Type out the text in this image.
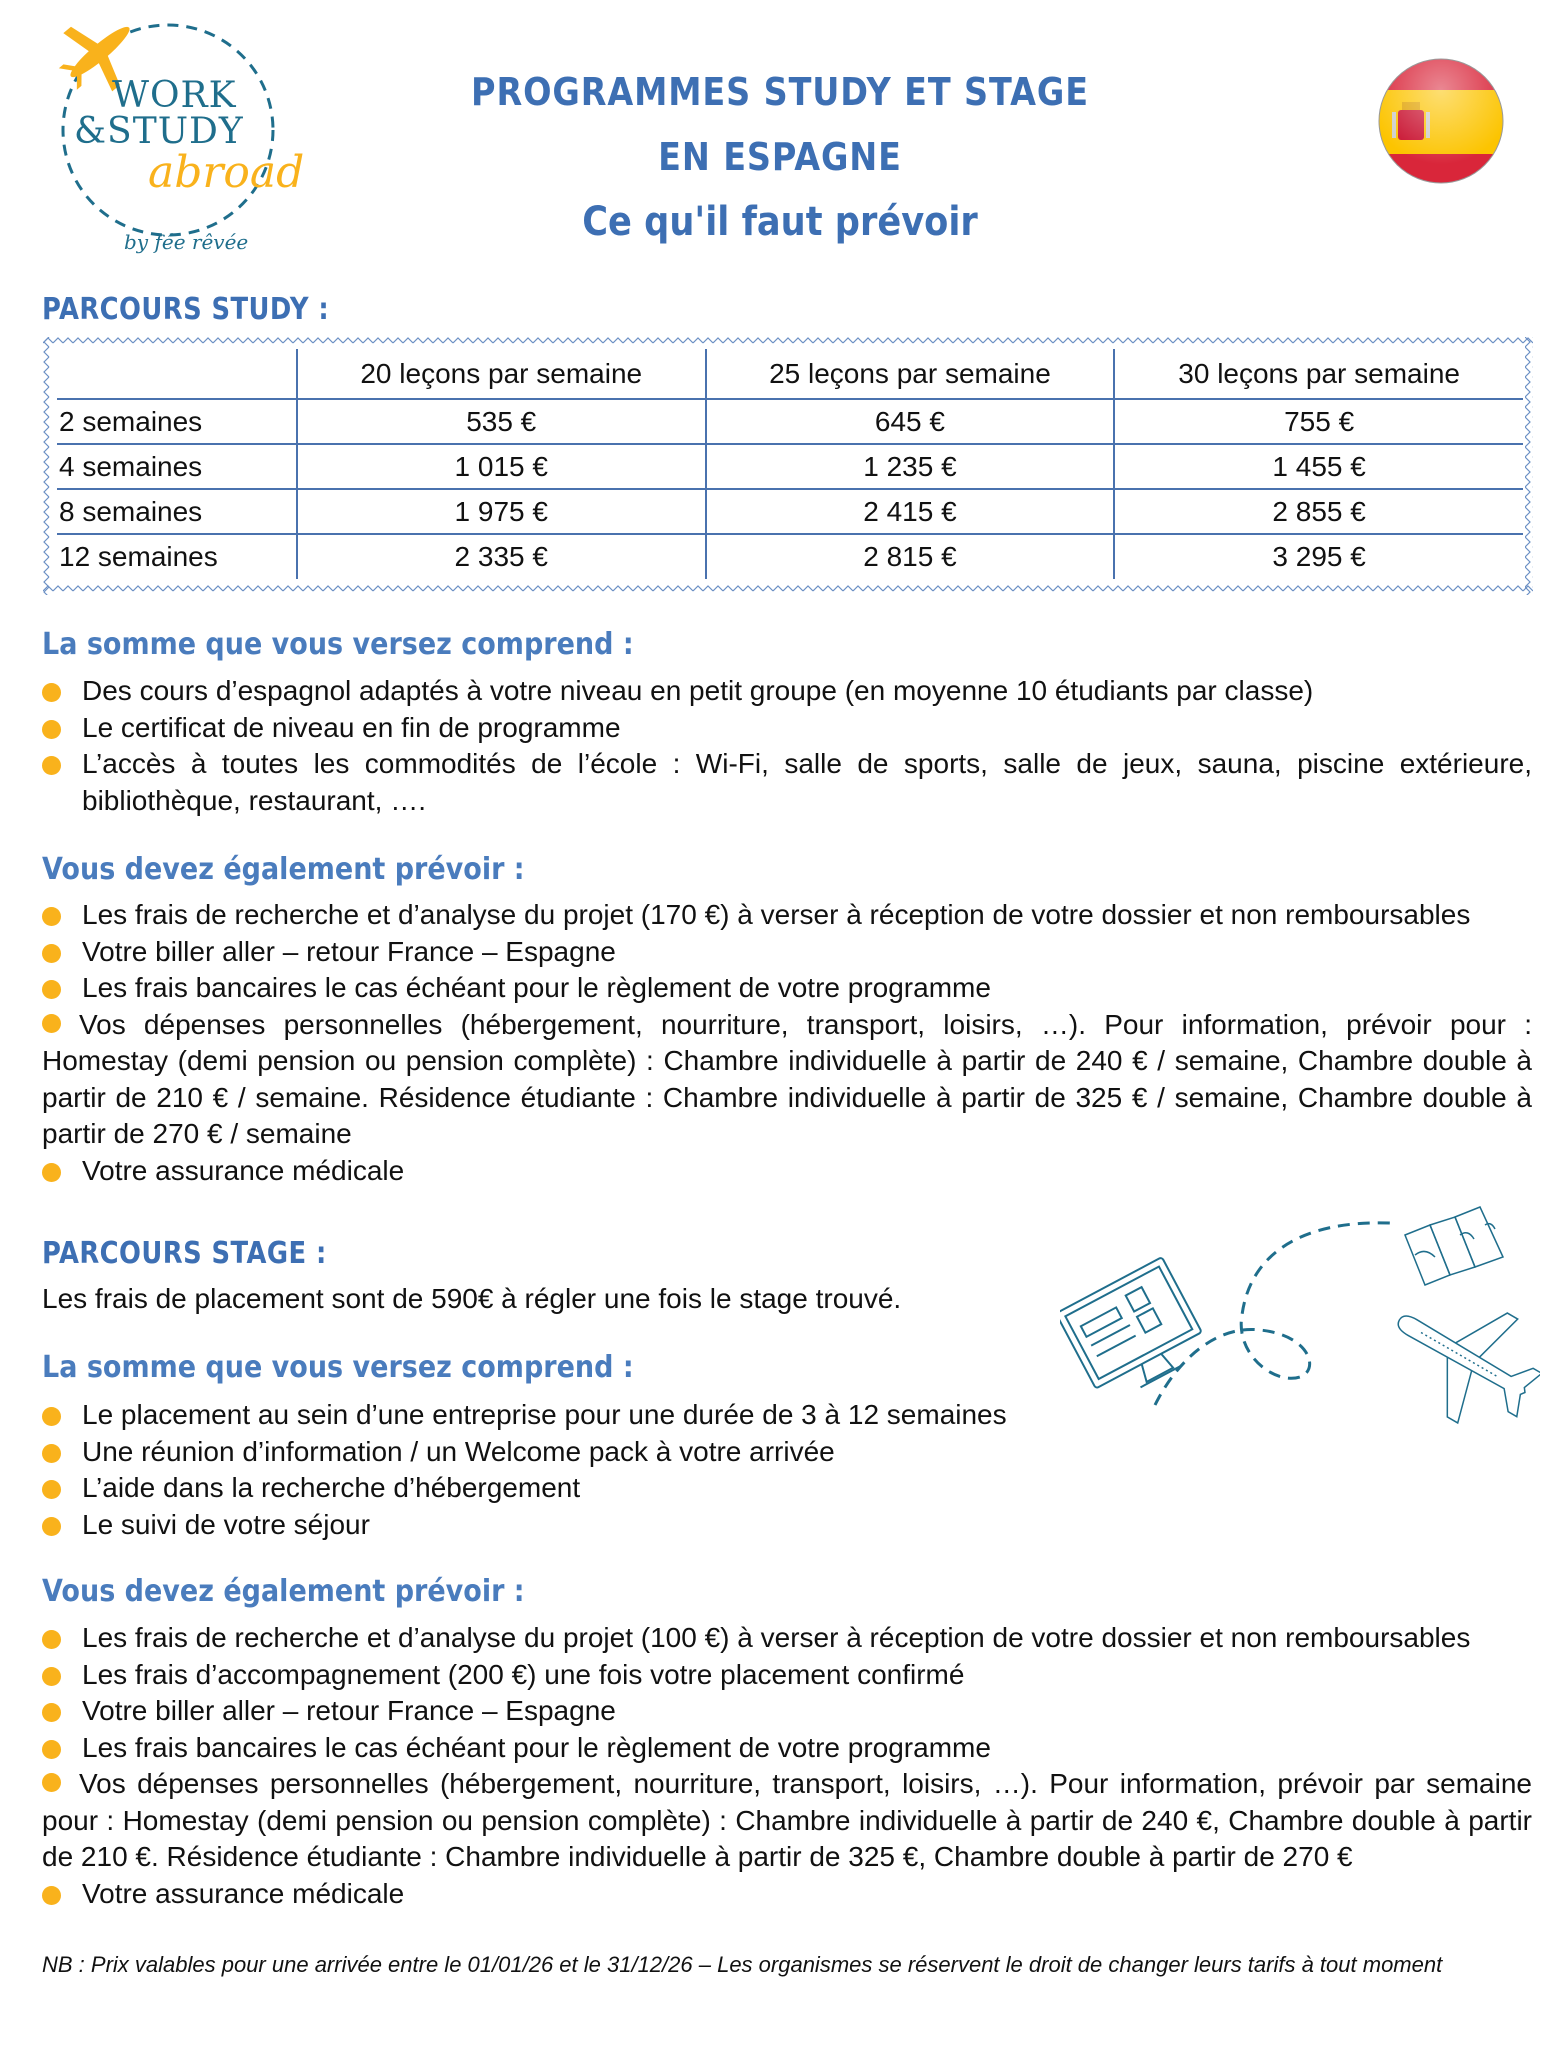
WORK
&STUDY
abroad
by fée rêvée
PROGRAMMES STUDY ET STAGE
EN ESPAGNE
Ce qu'il faut prévoir
PARCOURS STUDY :
	20 leçons par semaine	25 leçons par semaine	30 leçons par semaine
2 semaines	535 €	645 €	755 €
4 semaines	1 015 €	1 235 €	1 455 €
8 semaines	1 975 €	2 415 €	2 855 €
12 semaines	2 335 €	2 815 €	3 295 €
La somme que vous versez comprend :
Des cours d’espagnol adaptés à votre niveau en petit groupe (en moyenne 10 étudiants par classe)
Le certificat de niveau en fin de programme
L’accès à toutes les commodités de l’école : Wi-Fi, salle de sports, salle de jeux, sauna, piscine extérieure, bibliothèque, restaurant, ….
Vous devez également prévoir :
Les frais de recherche et d’analyse du projet (170 €) à verser à réception de votre dossier et non remboursables
Votre biller aller – retour France – Espagne
Les frais bancaires le cas échéant pour le règlement de votre programme
Vos dépenses personnelles (hébergement, nourriture, transport, loisirs, …). Pour information, prévoir pour : Homestay (demi pension ou pension complète) : Chambre individuelle à partir de 240 € / semaine, Chambre double à partir de 210 € / semaine. Résidence étudiante : Chambre individuelle à partir de 325 € / semaine, Chambre double à partir de 270 € / semaine
Votre assurance médicale
PARCOURS STAGE :
Les frais de placement sont de 590€ à régler une fois le stage trouvé.
La somme que vous versez comprend :
Le placement au sein d’une entreprise pour une durée de 3 à 12 semaines
Une réunion d’information / un Welcome pack à votre arrivée
L’aide dans la recherche d’hébergement
Le suivi de votre séjour
Vous devez également prévoir :
Les frais de recherche et d’analyse du projet (100 €) à verser à réception de votre dossier et non remboursables
Les frais d’accompagnement (200 €) une fois votre placement confirmé
Votre biller aller – retour France – Espagne
Les frais bancaires le cas échéant pour le règlement de votre programme
Vos dépenses personnelles (hébergement, nourriture, transport, loisirs, …). Pour information, prévoir par semaine pour : Homestay (demi pension ou pension complète) : Chambre individuelle à partir de 240 €, Chambre double à partir de 210 €. Résidence étudiante : Chambre individuelle à partir de 325 €, Chambre double à partir de 270 €
Votre assurance médicale
NB : Prix valables pour une arrivée entre le 01/01/26 et le 31/12/26 – Les organismes se réservent le droit de changer leurs tarifs à tout moment
